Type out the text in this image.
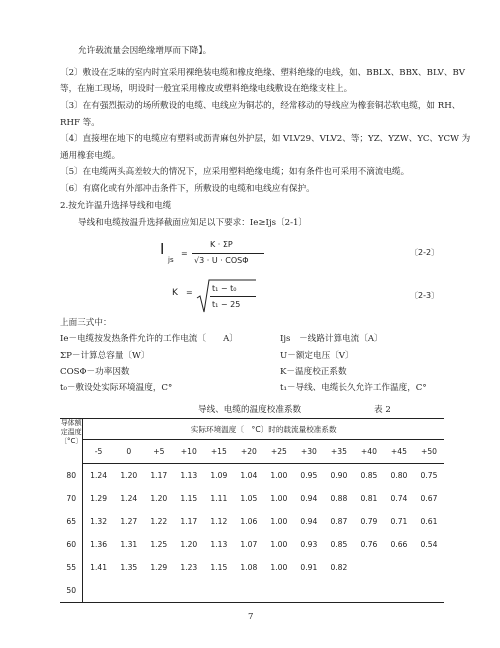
允许载流量会因绝缘增厚而下降】。
〔2〕敷设在乏味的室内时宜采用裸绝装电缆和橡皮绝缘、塑料绝缘的电线，如、BBLX、BBX、BLV、BV
等，在施工现场，明设时一般宜采用橡皮或塑料绝缘电线敷设在绝缘支柱上。
〔3〕在有强烈振动的场所敷设的电缆、电线应为铜芯的，经常移动的导线应为橡套铜芯软电缆，如 RH、
RHF 等。
〔4〕直接埋在地下的电缆应有塑料或沥青麻包外护层，如 VLV29、VLV2、等；YZ、YZW、YC、YCW 为
通用橡套电缆。
〔5〕在电缆两头高差较大的情况下，应采用塑料绝缘电缆；如有条件也可采用不滴流电缆。
〔6〕有腐化或有外部冲击条件下，所敷设的电缆和电线应有保护。
2.按允许温升选择导线和电缆
导线和电缆按温升选择截面应知足以下要求：Ie≥Ijs〔2-1〕
I
js
=
K · ΣP
√3 · U · COSΦ
〔2-2〕
K = t₁ − t₀
t₁ − 25
〔2-3〕
上面三式中：
Ie－电缆按发热条件允许的工作电流〔　　A〕	Ijs　－线路计算电流〔A〕
ΣP－计算总容量〔W〕	U－额定电压〔V〕
COSΦ－功率因数	K－温度校正系数
t₀－敷设处实际环境温度，C°	t₁－导线、电缆长久允许工作温度，C°
导线、电缆的温度校准系数	表 2
导体额定温度〔°C〕	实际环境温度〔　°C〕时的载流量校准系数											
	-5	0	+5	+10	+15	+20	+25	+30	+35	+40	+45	+50
80	1.24	1.20	1.17	1.13	1.09	1.04	1.00	0.95	0.90	0.85	0.80	0.75
70	1.29	1.24	1.20	1.15	1.11	1.05	1.00	0.94	0.88	0.81	0.74	0.67
65	1.32	1.27	1.22	1.17	1.12	1.06	1.00	0.94	0.87	0.79	0.71	0.61
60	1.36	1.31	1.25	1.20	1.13	1.07	1.00	0.93	0.85	0.76	0.66	0.54
55	1.41	1.35	1.29	1.23	1.15	1.08	1.00	0.91	0.82			
50												
7
